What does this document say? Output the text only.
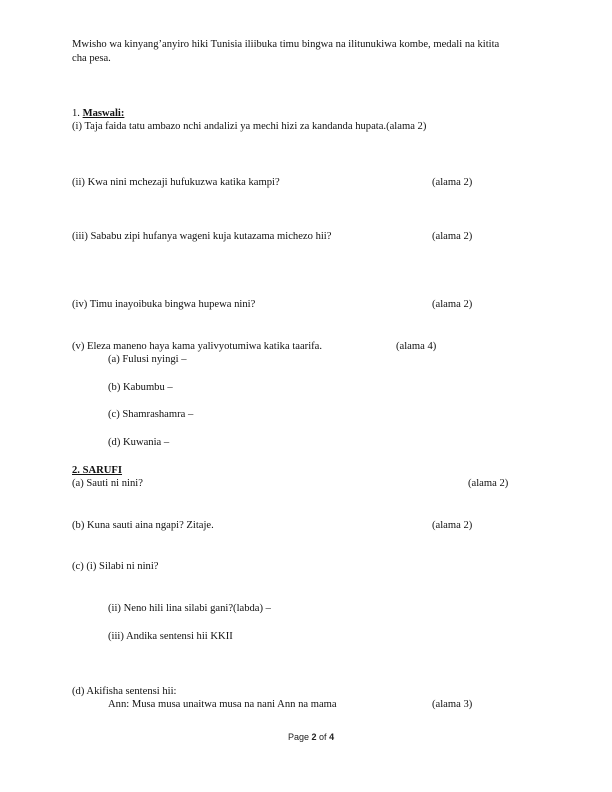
Mwisho wa kinyang’anyiro hiki Tunisia iliibuka timu bingwa na ilitunukiwa kombe, medali na kitita
cha pesa.
1. Maswali:
(i) Taja faida tatu ambazo nchi andalizi ya mechi hizi za kandanda hupata.(alama 2)
(ii) Kwa nini mchezaji hufukuzwa katika kampi?	(alama 2)
(iii) Sababu zipi hufanya wageni kuja kutazama michezo hii?	(alama 2)
(iv) Timu inayoibuka bingwa hupewa nini?	(alama 2)
(v) Eleza maneno haya kama yalivyotumiwa katika taarifa.	(alama 4)
(a) Fulusi nyingi –
(b) Kabumbu –
(c) Shamrashamra –
(d) Kuwania –
2. SARUFI
(a) Sauti ni nini?	(alama 2)
(b) Kuna sauti aina ngapi? Zitaje.	(alama 2)
(c) (i) Silabi ni nini?
(ii) Neno hili lina silabi gani?(labda) –
(iii) Andika sentensi hii KKII
(d) Akifisha sentensi hii:
Ann: Musa musa unaitwa musa na nani Ann na mama	(alama 3)
Page 2 of 4
